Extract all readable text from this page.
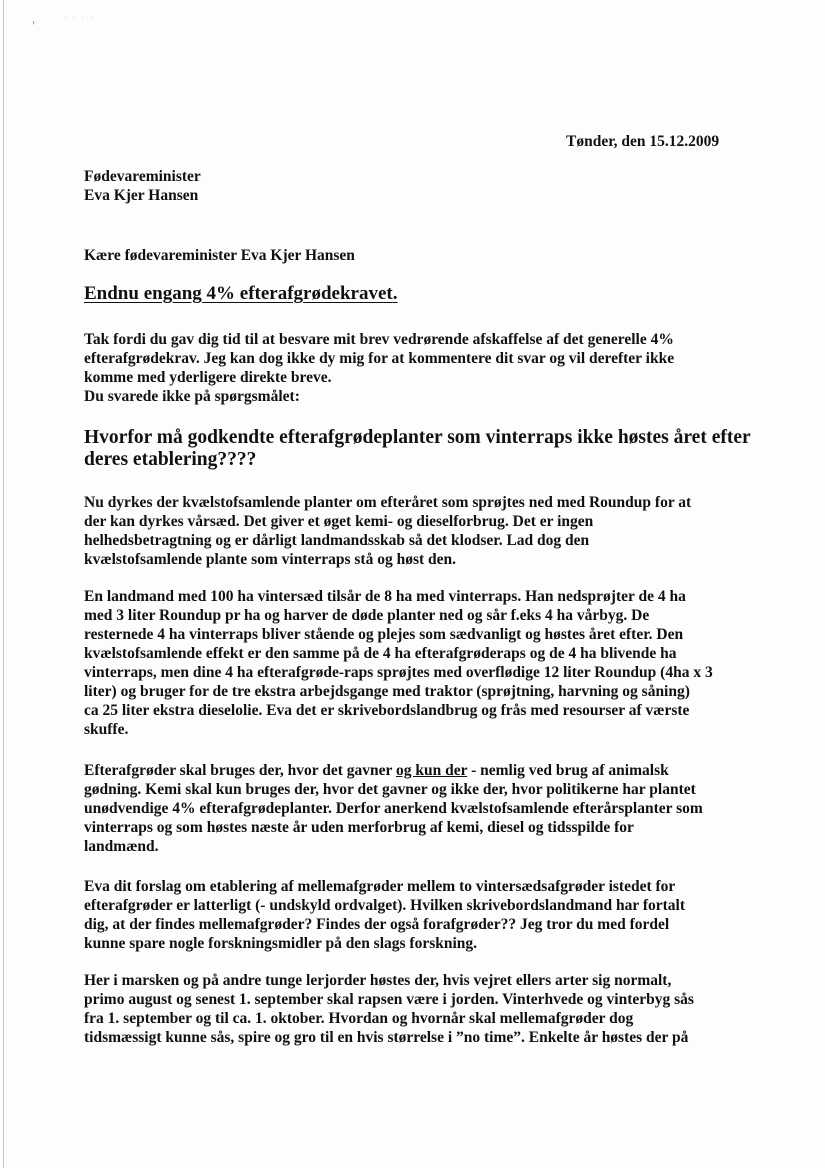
›	· · · ·
Tønder, den 15.12.2009
Fødevareminister
Eva Kjer Hansen
Kære fødevareminister Eva Kjer Hansen
Endnu engang 4% efterafgrødekravet.
Tak fordi du gav dig tid til at besvare mit brev vedrørende afskaffelse af det generelle 4%
efterafgrødekrav. Jeg kan dog ikke dy mig for at kommentere dit svar og vil derefter ikke
komme med yderligere direkte breve.
Du svarede ikke på spørgsmålet:
Hvorfor må godkendte efterafgrødeplanter som vinterraps ikke høstes året efter
deres etablering????
Nu dyrkes der kvælstofsamlende planter om efteråret som sprøjtes ned med Roundup for at
der kan dyrkes vårsæd. Det giver et øget kemi- og dieselforbrug. Det er ingen
helhedsbetragtning og er dårligt landmandsskab så det klodser. Lad dog den
kvælstofsamlende plante som vinterraps stå og høst den.
En landmand med 100 ha vintersæd tilsår de 8 ha med vinterraps. Han nedsprøjter de 4 ha
med 3 liter Roundup pr ha og harver de døde planter ned og sår f.eks 4 ha vårbyg. De
resternede 4 ha vinterraps bliver stående og plejes som sædvanligt og høstes året efter. Den
kvælstofsamlende effekt er den samme på de 4 ha efterafgrøderaps og de 4 ha blivende ha
vinterraps, men dine 4 ha efterafgrøde-raps sprøjtes med overflødige 12 liter Roundup (4ha x 3
liter) og bruger for de tre ekstra arbejdsgange med traktor (sprøjtning, harvning og såning)
ca 25 liter ekstra dieselolie. Eva det er skrivebordslandbrug og frås med resourser af værste
skuffe.
Efterafgrøder skal bruges der, hvor det gavner og kun der - nemlig ved brug af animalsk
gødning. Kemi skal kun bruges der, hvor det gavner og ikke der, hvor politikerne har plantet
unødvendige 4% efterafgrødeplanter. Derfor anerkend kvælstofsamlende efterårsplanter som
vinterraps og som høstes næste år uden merforbrug af kemi, diesel og tidsspilde for
landmænd.
Eva dit forslag om etablering af mellemafgrøder mellem to vintersædsafgrøder istedet for
efterafgrøder er latterligt (- undskyld ordvalget). Hvilken skrivebordslandmand har fortalt
dig, at der findes mellemafgrøder? Findes der også forafgrøder?? Jeg tror du med fordel
kunne spare nogle forskningsmidler på den slags forskning.
Her i marsken og på andre tunge lerjorder høstes der, hvis vejret ellers arter sig normalt,
primo august og senest 1. september skal rapsen være i jorden. Vinterhvede og vinterbyg sås
fra 1. september og til ca. 1. oktober. Hvordan og hvornår skal mellemafgrøder dog
tidsmæssigt kunne sås, spire og gro til en hvis størrelse i ”no time”. Enkelte år høstes der på
